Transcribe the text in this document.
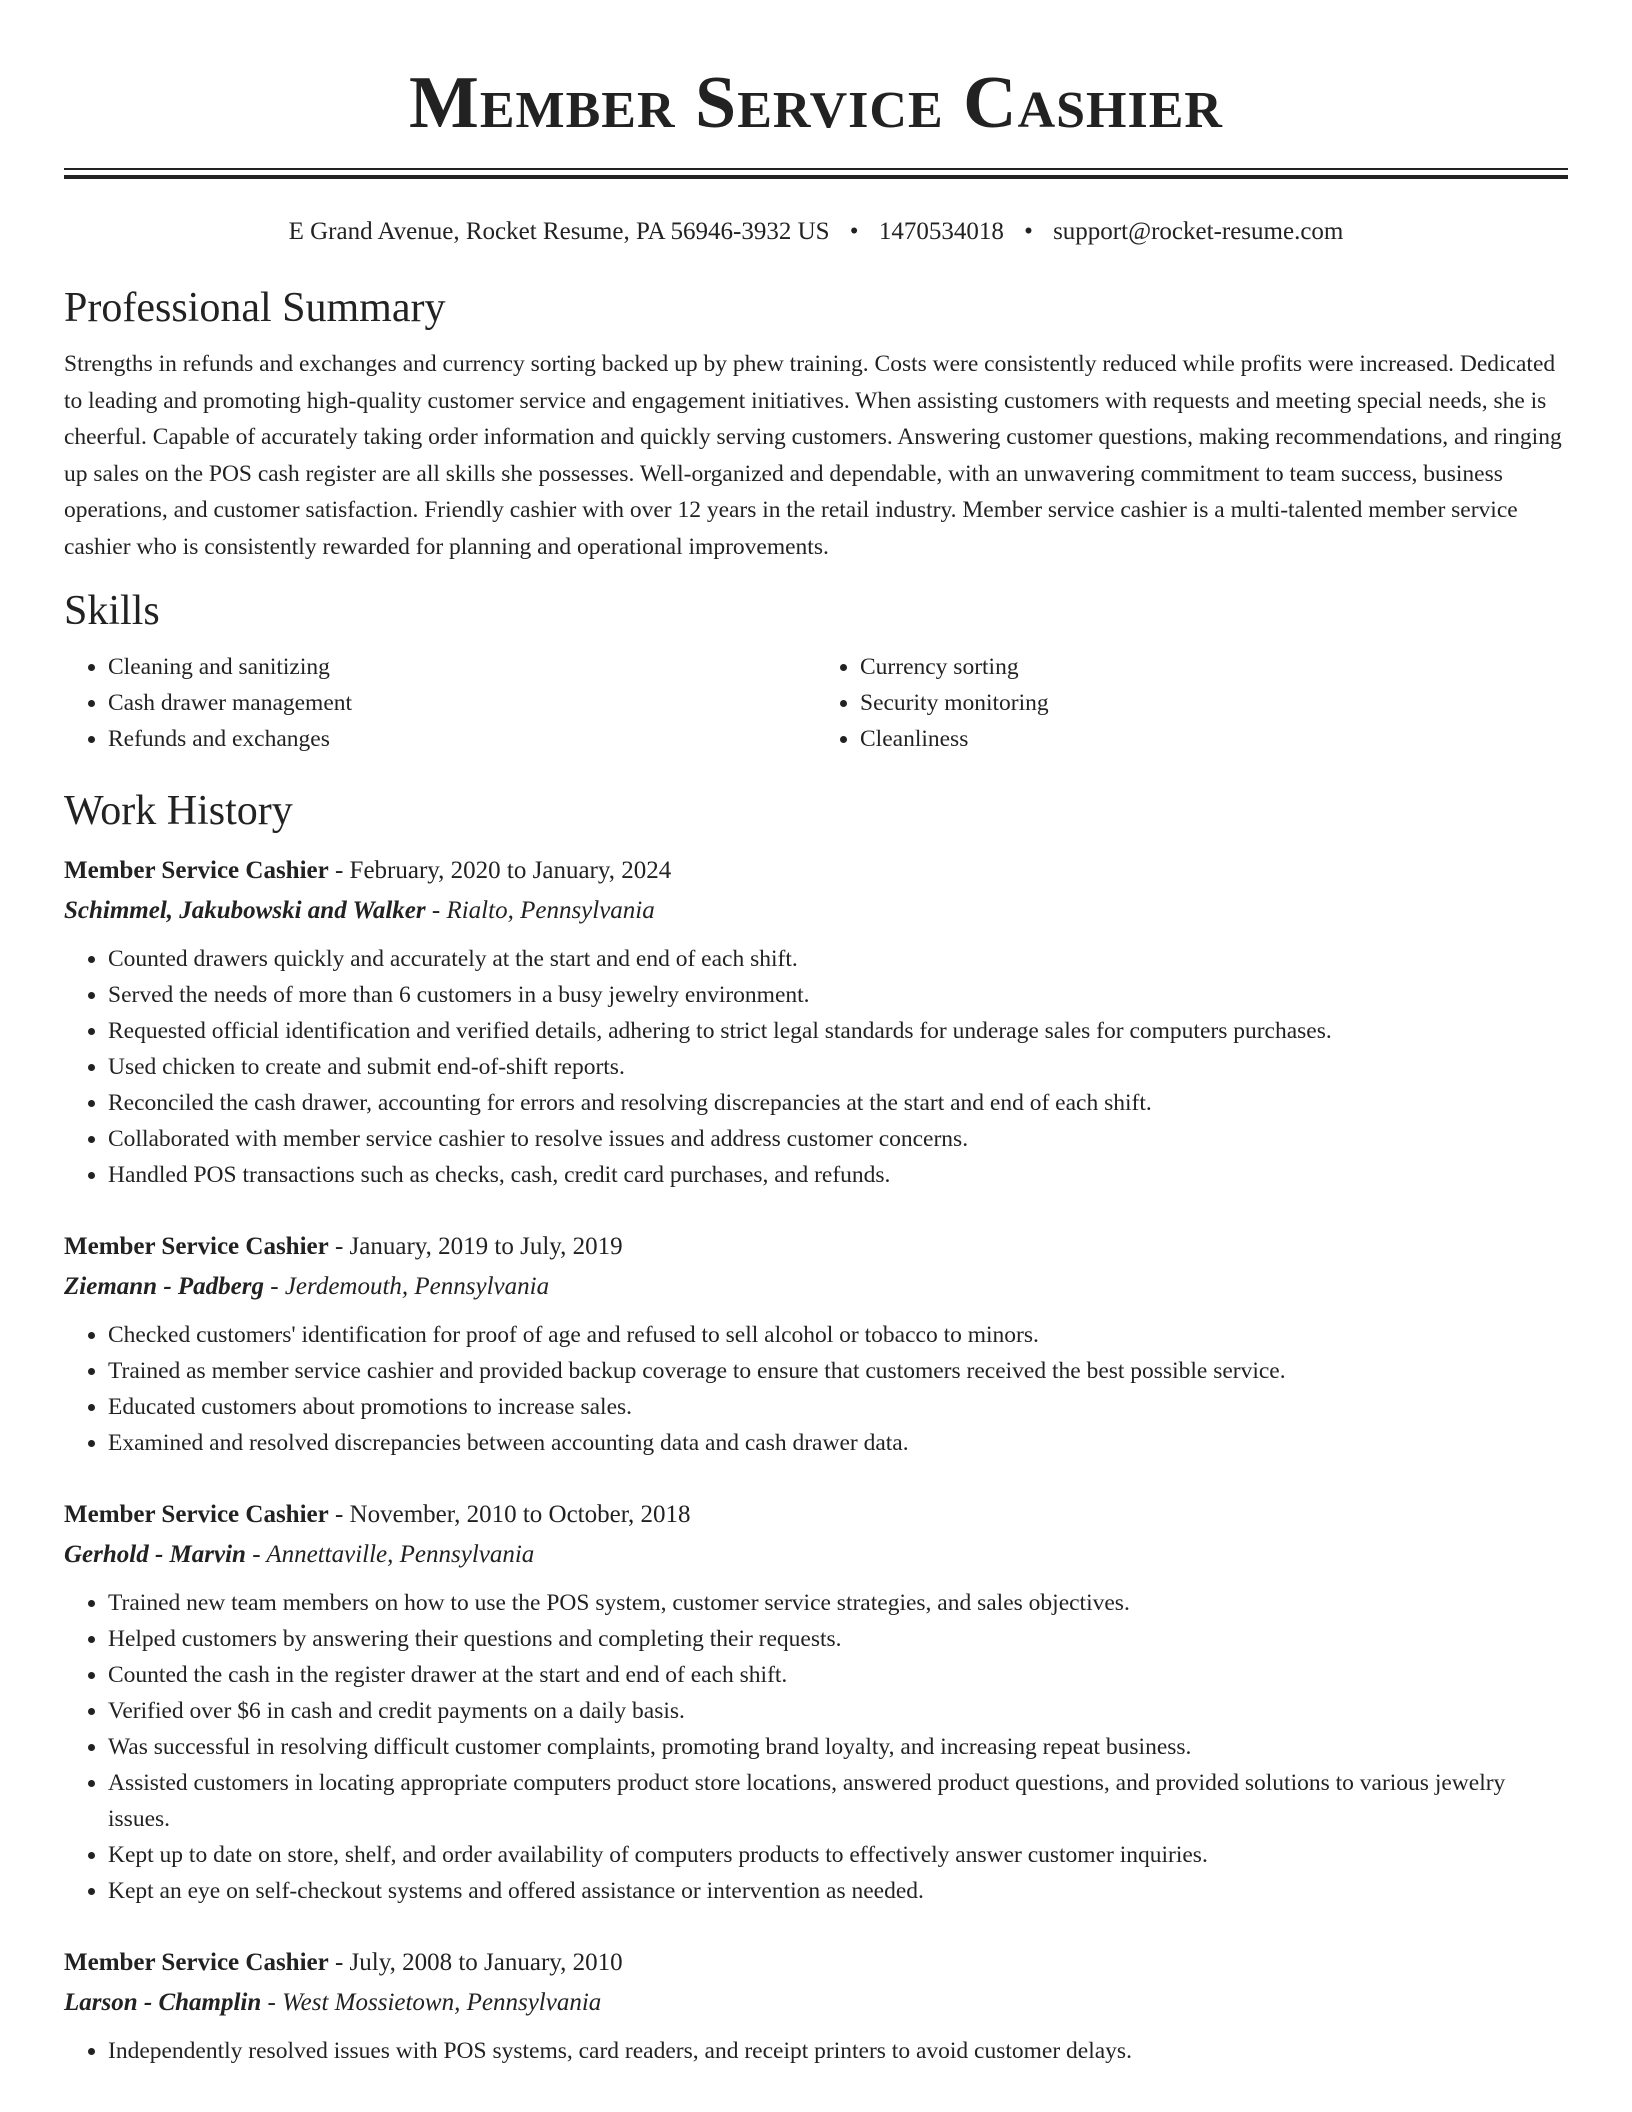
Member Service Cashier
E Grand Avenue, Rocket Resume, PA 56946-3932 US • 1470534018 • support@rocket-resume.com
Professional Summary

Strengths in refunds and exchanges and currency sorting backed up by phew training. Costs were consistently reduced while profits were increased. Dedicated to leading and promoting high-quality customer service and engagement initiatives. When assisting customers with requests and meeting special needs, she is cheerful. Capable of accurately taking order information and quickly serving customers. Answering customer questions, making recommendations, and ringing up sales on the POS cash register are all skills she possesses. Well-organized and dependable, with an unwavering commitment to team success, business operations, and customer satisfaction. Friendly cashier with over 12 years in the retail industry. Member service cashier is a multi-talented member service cashier who is consistently rewarded for planning and operational improvements.

Skills
• Cleaning and sanitizing
• Cash drawer management
• Refunds and exchanges
• Currency sorting
• Security monitoring
• Cleanliness
Work History
Member Service Cashier - February, 2020 to January, 2024
Schimmel, Jakubowski and Walker - Rialto, Pennsylvania
• Counted drawers quickly and accurately at the start and end of each shift.
• Served the needs of more than 6 customers in a busy jewelry environment.
• Requested official identification and verified details, adhering to strict legal standards for underage sales for computers purchases.
• Used chicken to create and submit end-of-shift reports.
• Reconciled the cash drawer, accounting for errors and resolving discrepancies at the start and end of each shift.
• Collaborated with member service cashier to resolve issues and address customer concerns.
• Handled POS transactions such as checks, cash, credit card purchases, and refunds.
Member Service Cashier - January, 2019 to July, 2019
Ziemann - Padberg - Jerdemouth, Pennsylvania
• Checked customers' identification for proof of age and refused to sell alcohol or tobacco to minors.
• Trained as member service cashier and provided backup coverage to ensure that customers received the best possible service.
• Educated customers about promotions to increase sales.
• Examined and resolved discrepancies between accounting data and cash drawer data.
Member Service Cashier - November, 2010 to October, 2018
Gerhold - Marvin - Annettaville, Pennsylvania
• Trained new team members on how to use the POS system, customer service strategies, and sales objectives.
• Helped customers by answering their questions and completing their requests.
• Counted the cash in the register drawer at the start and end of each shift.
• Verified over $6 in cash and credit payments on a daily basis.
• Was successful in resolving difficult customer complaints, promoting brand loyalty, and increasing repeat business.
• Assisted customers in locating appropriate computers product store locations, answered product questions, and provided solutions to various jewelry issues.
• Kept up to date on store, shelf, and order availability of computers products to effectively answer customer inquiries.
• Kept an eye on self-checkout systems and offered assistance or intervention as needed.
Member Service Cashier - July, 2008 to January, 2010
Larson - Champlin - West Mossietown, Pennsylvania
• Independently resolved issues with POS systems, card readers, and receipt printers to avoid customer delays.
